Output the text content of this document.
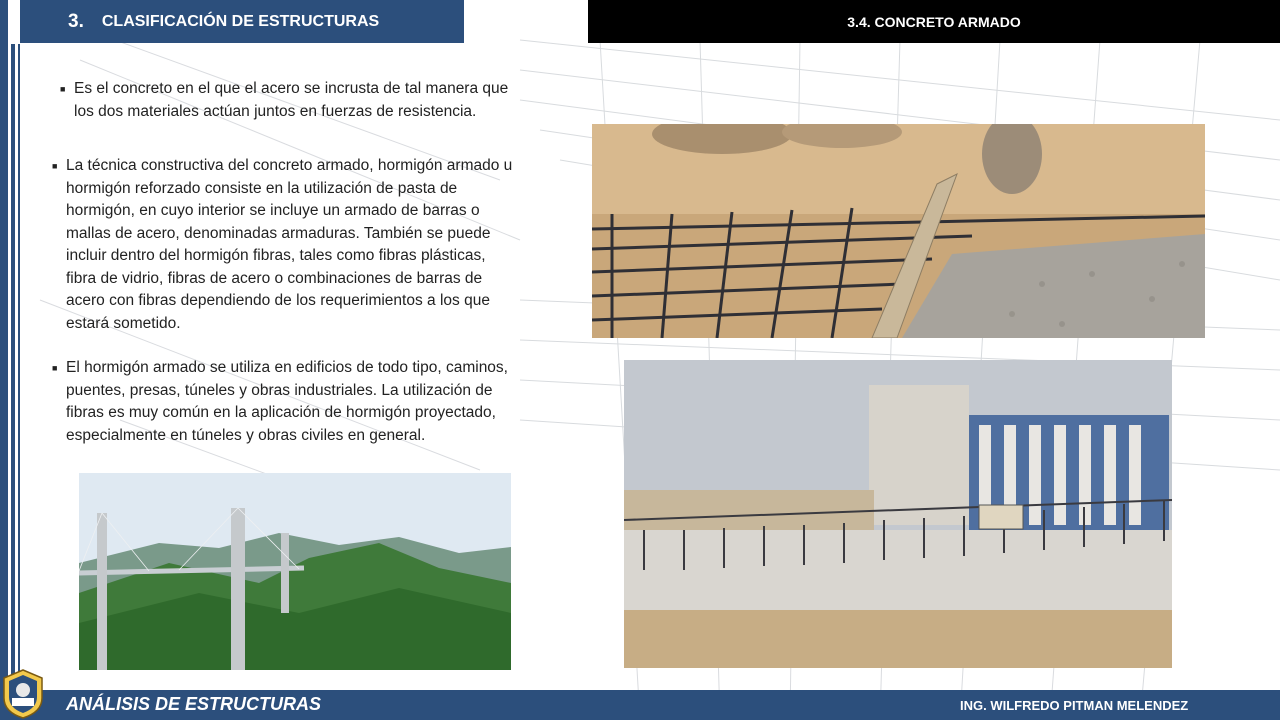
3. CLASIFICACIÓN DE ESTRUCTURAS	3.4. CONCRETO ARMADO
■ Es el concreto en el que el acero se incrusta de tal manera que los dos materiales actúan juntos en fuerzas de resistencia.
■ La técnica constructiva del concreto armado, hormigón armado u hormigón reforzado consiste en la utilización de pasta de hormigón, en cuyo interior se incluye un armado de barras o mallas de acero, denominadas armaduras. También se puede incluir dentro del hormigón fibras, tales como fibras plásticas, fibra de vidrio, fibras de acero o combinaciones de barras de acero con fibras dependiendo de los requerimientos a los que estará sometido.
■ El hormigón armado se utiliza en edificios de todo tipo, caminos, puentes, presas, túneles y obras industriales. La utilización de fibras es muy común en la aplicación de hormigón proyectado, especialmente en túneles y obras civiles en general.
ANÁLISIS DE ESTRUCTURAS	ING. WILFREDO PITMAN MELENDEZ
